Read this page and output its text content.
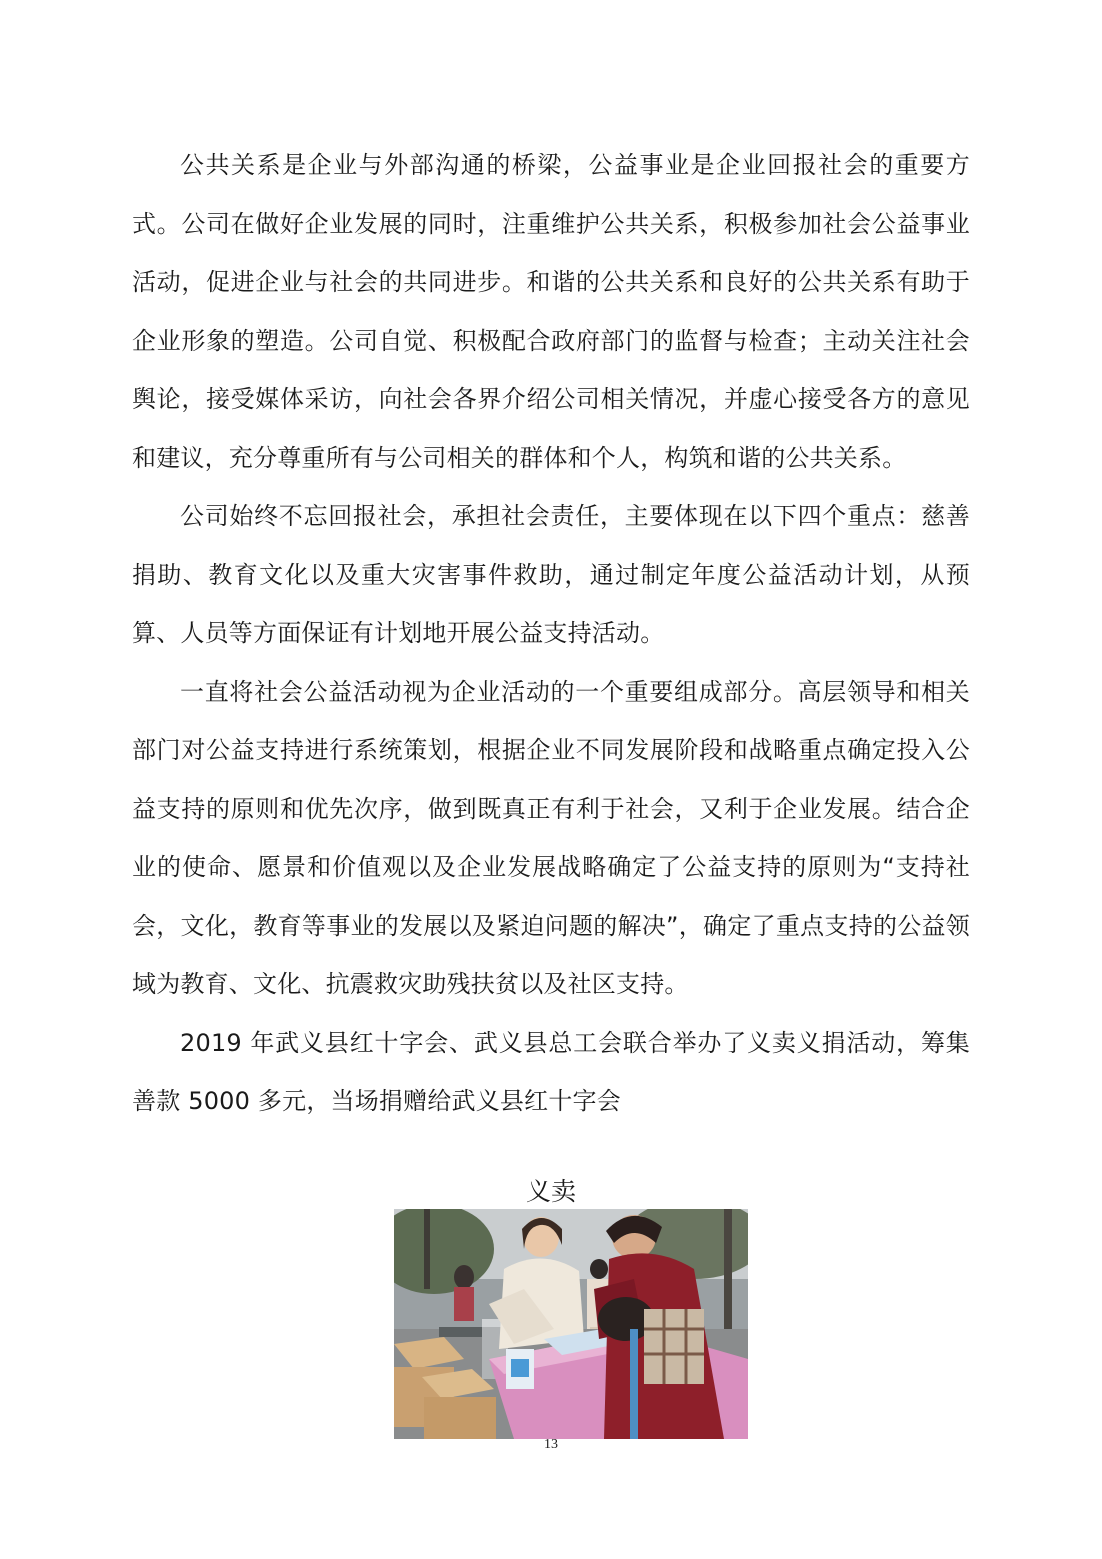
公共关系是企业与外部沟通的桥梁，公益事业是企业回报社会的重要方式。公司在做好企业发展的同时，注重维护公共关系，积极参加社会公益事业活动，促进企业与社会的共同进步。和谐的公共关系和良好的公共关系有助于企业形象的塑造。公司自觉、积极配合政府部门的监督与检查；主动关注社会舆论，接受媒体采访，向社会各界介绍公司相关情况，并虚心接受各方的意见和建议，充分尊重所有与公司相关的群体和个人，构筑和谐的公共关系。

公司始终不忘回报社会，承担社会责任，主要体现在以下四个重点：慈善捐助、教育文化以及重大灾害事件救助，通过制定年度公益活动计划，从预算、人员等方面保证有计划地开展公益支持活动。

一直将社会公益活动视为企业活动的一个重要组成部分。高层领导和相关部门对公益支持进行系统策划，根据企业不同发展阶段和战略重点确定投入公益支持的原则和优先次序，做到既真正有利于社会，又利于企业发展。结合企业的使命、愿景和价值观以及企业发展战略确定了公益支持的原则为“支持社会，文化，教育等事业的发展以及紧迫问题的解决”，确定了重点支持的公益领域为教育、文化、抗震救灾助残扶贫以及社区支持。

2019 年武义县红十字会、武义县总工会联合举办了义卖义捐活动，筹集善款 5000 多元，当场捐赠给武义县红十字会

义卖
13
